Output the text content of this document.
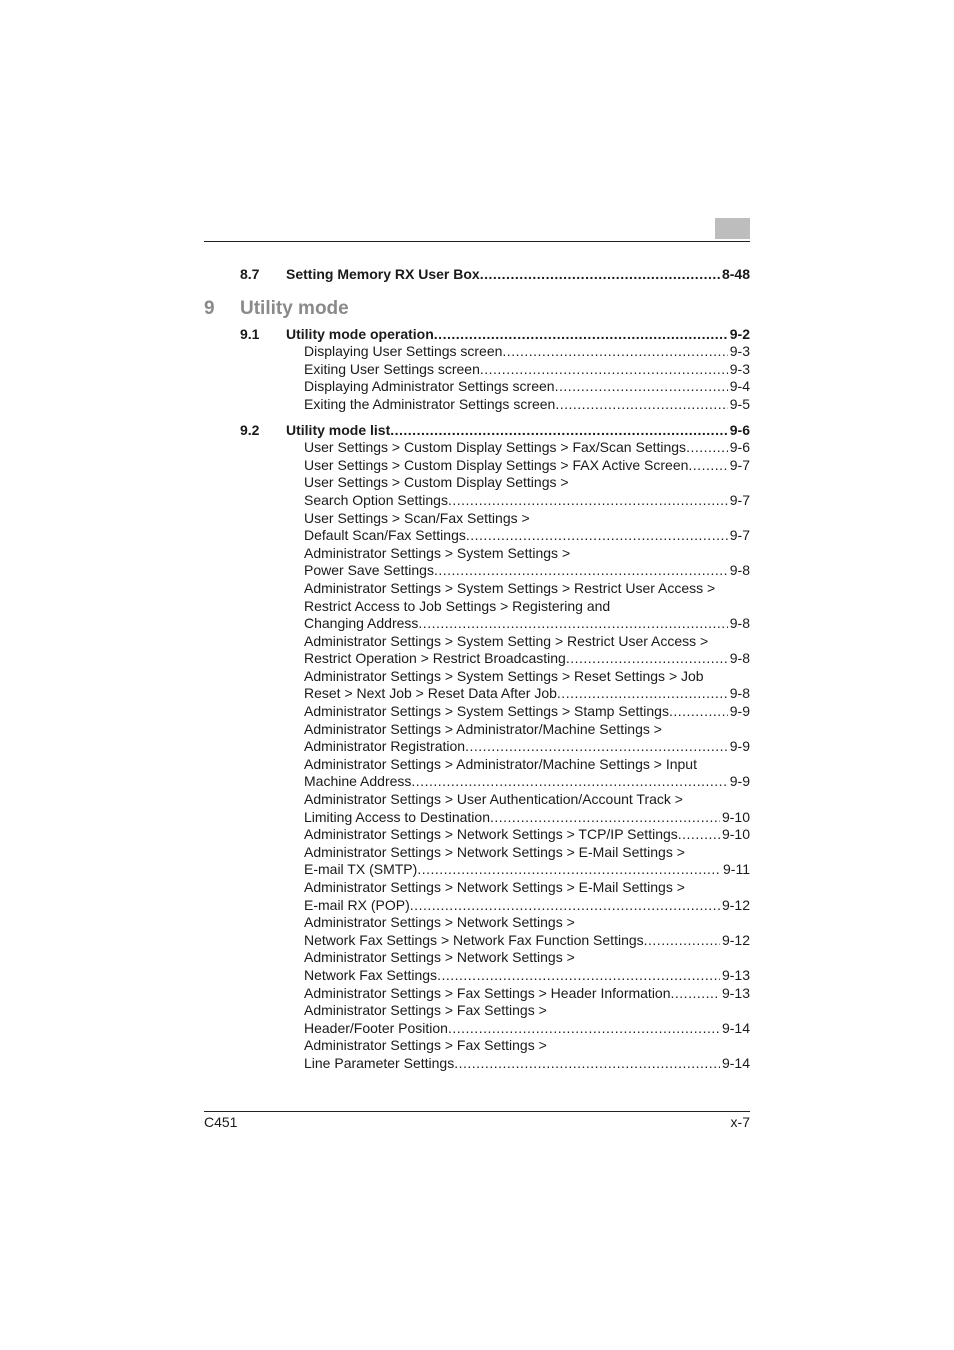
8.7 Setting Memory RX User Box .....	8-48
9 Utility mode
9.1 Utility mode operation .....	9-2
Displaying User Settings screen .....	9-3
Exiting User Settings screen .....	9-3
Displaying Administrator Settings screen .....	9-4
Exiting the Administrator Settings screen .....	9-5
9.2 Utility mode list .....	9-6
User Settings > Custom Display Settings > Fax/Scan Settings .....	9-6
User Settings > Custom Display Settings > FAX Active Screen .....	9-7
User Settings > Custom Display Settings >
Search Option Settings .....	9-7
User Settings > Scan/Fax Settings >
Default Scan/Fax Settings .....	9-7
Administrator Settings > System Settings >
Power Save Settings .....	9-8
Administrator Settings > System Settings > Restrict User Access >
Restrict Access to Job Settings > Registering and
Changing Address .....	9-8
Administrator Settings > System Setting > Restrict User Access >
Restrict Operation > Restrict Broadcasting .....	9-8
Administrator Settings > System Settings > Reset Settings > Job
Reset > Next Job > Reset Data After Job .....	9-8
Administrator Settings > System Settings > Stamp Settings .....	9-9
Administrator Settings > Administrator/Machine Settings >
Administrator Registration .....	9-9
Administrator Settings > Administrator/Machine Settings > Input
Machine Address .....	9-9
Administrator Settings > User Authentication/Account Track >
Limiting Access to Destination .....	9-10
Administrator Settings > Network Settings > TCP/IP Settings .....	9-10
Administrator Settings > Network Settings > E-Mail Settings >
E-mail TX (SMTP) .....	9-11
Administrator Settings > Network Settings > E-Mail Settings >
E-mail RX (POP) .....	9-12
Administrator Settings > Network Settings >
Network Fax Settings > Network Fax Function Settings .....	9-12
Administrator Settings > Network Settings >
Network Fax Settings .....	9-13
Administrator Settings > Fax Settings > Header Information .....	9-13
Administrator Settings > Fax Settings >
Header/Footer Position .....	9-14
Administrator Settings > Fax Settings >
Line Parameter Settings .....	9-14
C451	x-7
